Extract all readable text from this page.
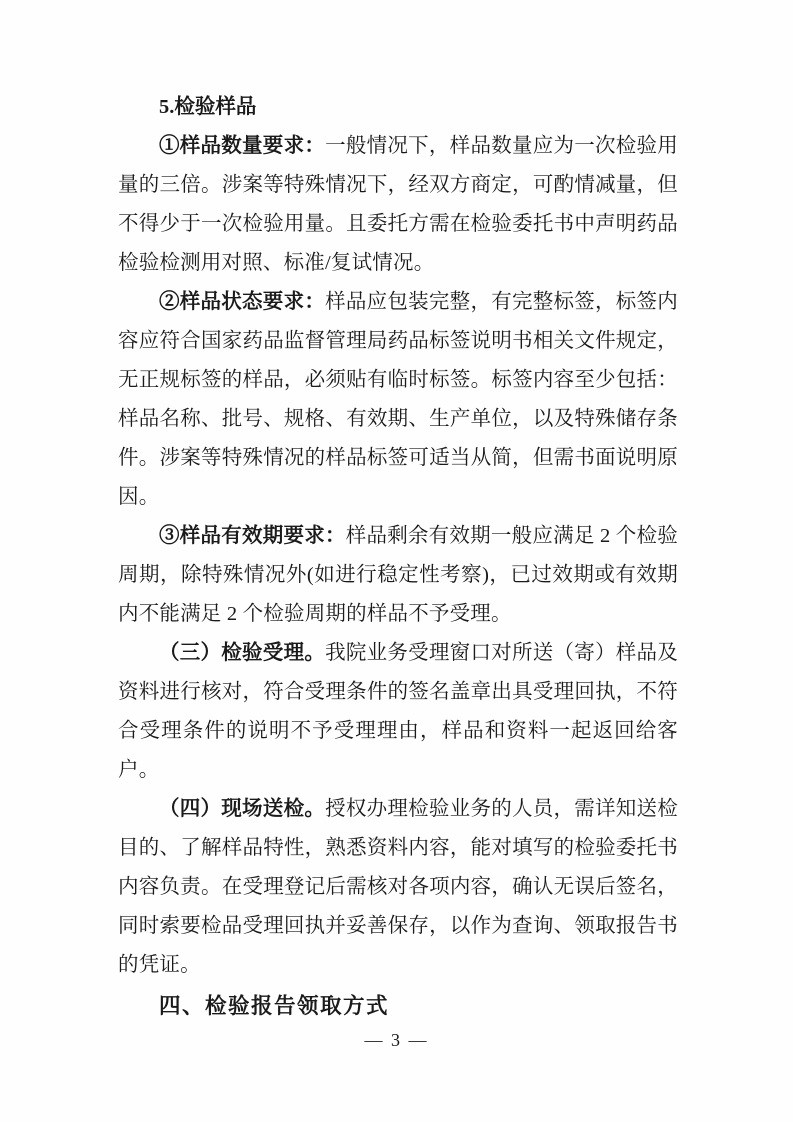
5.检验样品

①样品数量要求：一般情况下，样品数量应为一次检验用量的三倍。涉案等特殊情况下，经双方商定，可酌情减量，但不得少于一次检验用量。且委托方需在检验委托书中声明药品检验检测用对照、标准/复试情况。

②样品状态要求：样品应包装完整，有完整标签，标签内容应符合国家药品监督管理局药品标签说明书相关文件规定，无正规标签的样品，必须贴有临时标签。标签内容至少包括：样品名称、批号、规格、有效期、生产单位，以及特殊储存条件。涉案等特殊情况的样品标签可适当从简，但需书面说明原因。

③样品有效期要求：样品剩余有效期一般应满足 2 个检验周期，除特殊情况外(如进行稳定性考察)，已过效期或有效期内不能满足 2 个检验周期的样品不予受理。

（三）检验受理。我院业务受理窗口对所送（寄）样品及资料进行核对，符合受理条件的签名盖章出具受理回执，不符合受理条件的说明不予受理理由，样品和资料一起返回给客户。

（四）现场送检。授权办理检验业务的人员，需详知送检目的、了解样品特性，熟悉资料内容，能对填写的检验委托书内容负责。在受理登记后需核对各项内容，确认无误后签名，同时索要检品受理回执并妥善保存，以作为查询、领取报告书的凭证。

四、检验报告领取方式

— 3 —
